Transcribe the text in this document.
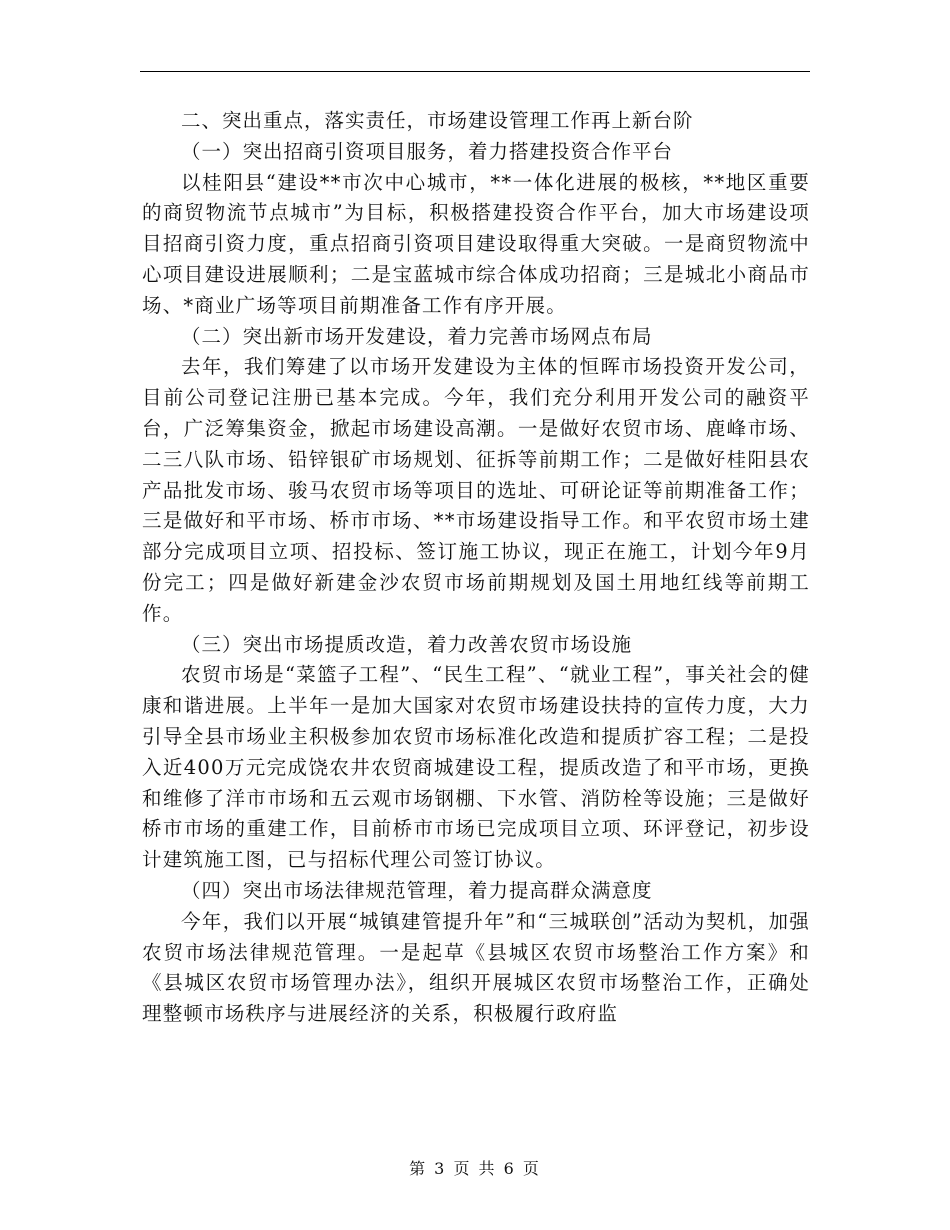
二、突出重点，落实责任，市场建设管理工作再上新台阶

（一）突出招商引资项目服务，着力搭建投资合作平台

以桂阳县“建设**市次中心城市，**一体化进展的极核，**地区重要的商贸物流节点城市”为目标，积极搭建投资合作平台，加大市场建设项目招商引资力度，重点招商引资项目建设取得重大突破。一是商贸物流中心项目建设进展顺利；二是宝蓝城市综合体成功招商；三是城北小商品市场、*商业广场等项目前期准备工作有序开展。

（二）突出新市场开发建设，着力完善市场网点布局

去年，我们筹建了以市场开发建设为主体的恒晖市场投资开发公司，目前公司登记注册已基本完成。今年，我们充分利用开发公司的融资平台，广泛筹集资金，掀起市场建设高潮。一是做好农贸市场、鹿峰市场、二三八队市场、铅锌银矿市场规划、征拆等前期工作；二是做好桂阳县农产品批发市场、骏马农贸市场等项目的选址、可研论证等前期准备工作；三是做好和平市场、桥市市场、**市场建设指导工作。和平农贸市场土建部分完成项目立项、招投标、签订施工协议，现正在施工，计划今年9月份完工；四是做好新建金沙农贸市场前期规划及国土用地红线等前期工作。

（三）突出市场提质改造，着力改善农贸市场设施

农贸市场是“菜篮子工程”、“民生工程”、“就业工程”，事关社会的健康和谐进展。上半年一是加大国家对农贸市场建设扶持的宣传力度，大力引导全县市场业主积极参加农贸市场标准化改造和提质扩容工程；二是投入近400万元完成饶农井农贸商城建设工程，提质改造了和平市场，更换和维修了洋市市场和五云观市场钢棚、下水管、消防栓等设施；三是做好桥市市场的重建工作，目前桥市市场已完成项目立项、环评登记，初步设计建筑施工图，已与招标代理公司签订协议。

（四）突出市场法律规范管理，着力提高群众满意度

今年，我们以开展“城镇建管提升年”和“三城联创”活动为契机，加强农贸市场法律规范管理。一是起草《县城区农贸市场整治工作方案》和《县城区农贸市场管理办法》，组织开展城区农贸市场整治工作，正确处理整顿市场秩序与进展经济的关系，积极履行政府监

第 3 页 共 6 页
